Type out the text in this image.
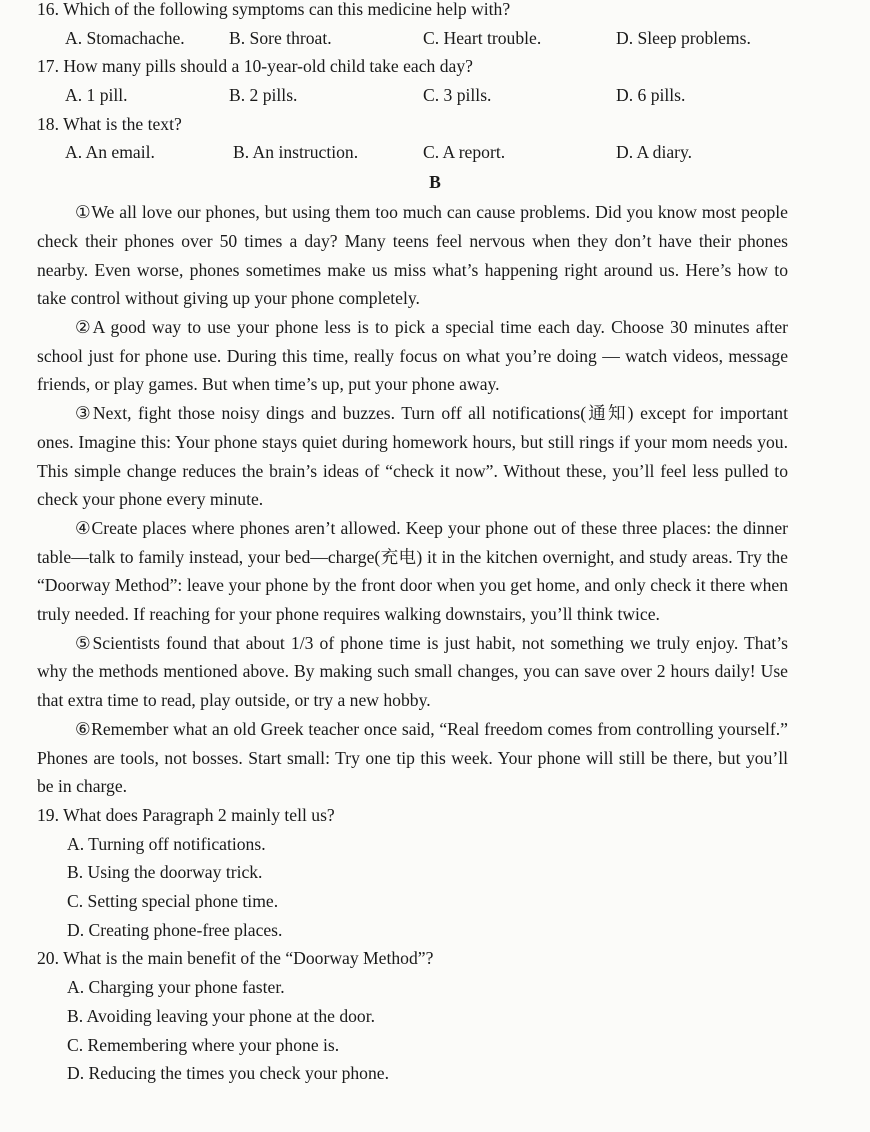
16. Which of the following symptoms can this medicine help with?

A. Stomachache.	B. Sore throat.	C. Heart trouble.	D. Sleep problems.

17. How many pills should a 10-year-old child take each day?

A. 1 pill.	B. 2 pills.	C. 3 pills.	D. 6 pills.

18. What is the text?

A. An email.	B. An instruction.	C. A report.	D. A diary.
B

①We all love our phones, but using them too much can cause problems. Did you know most people check their phones over 50 times a day? Many teens feel nervous when they don’t have their phones nearby. Even worse, phones sometimes make us miss what’s happening right around us. Here’s how to take control without giving up your phone completely.

②A good way to use your phone less is to pick a special time each day. Choose 30 minutes after school just for phone use. During this time, really focus on what you’re doing — watch videos, message friends, or play games. But when time’s up, put your phone away.

③Next, fight those noisy dings and buzzes. Turn off all notifications(通知) except for important ones. Imagine this: Your phone stays quiet during homework hours, but still rings if your mom needs you. This simple change reduces the brain’s ideas of “check it now”. Without these, you’ll feel less pulled to check your phone every minute.

④Create places where phones aren’t allowed. Keep your phone out of these three places: the dinner table—talk to family instead, your bed—charge(充电) it in the kitchen overnight, and study areas. Try the “Doorway Method”: leave your phone by the front door when you get home, and only check it there when truly needed. If reaching for your phone requires walking downstairs, you’ll think twice.

⑤Scientists found that about 1/3 of phone time is just habit, not something we truly enjoy. That’s why the methods mentioned above. By making such small changes, you can save over 2 hours daily! Use that extra time to read, play outside, or try a new hobby.

⑥Remember what an old Greek teacher once said, “Real freedom comes from controlling yourself.” Phones are tools, not bosses. Start small: Try one tip this week. Your phone will still be there, but you’ll be in charge.

19. What does Paragraph 2 mainly tell us?

A. Turning off notifications.

B. Using the doorway trick.

C. Setting special phone time.

D. Creating phone-free places.

20. What is the main benefit of the “Doorway Method”?

A. Charging your phone faster.

B. Avoiding leaving your phone at the door.

C. Remembering where your phone is.

D. Reducing the times you check your phone.
